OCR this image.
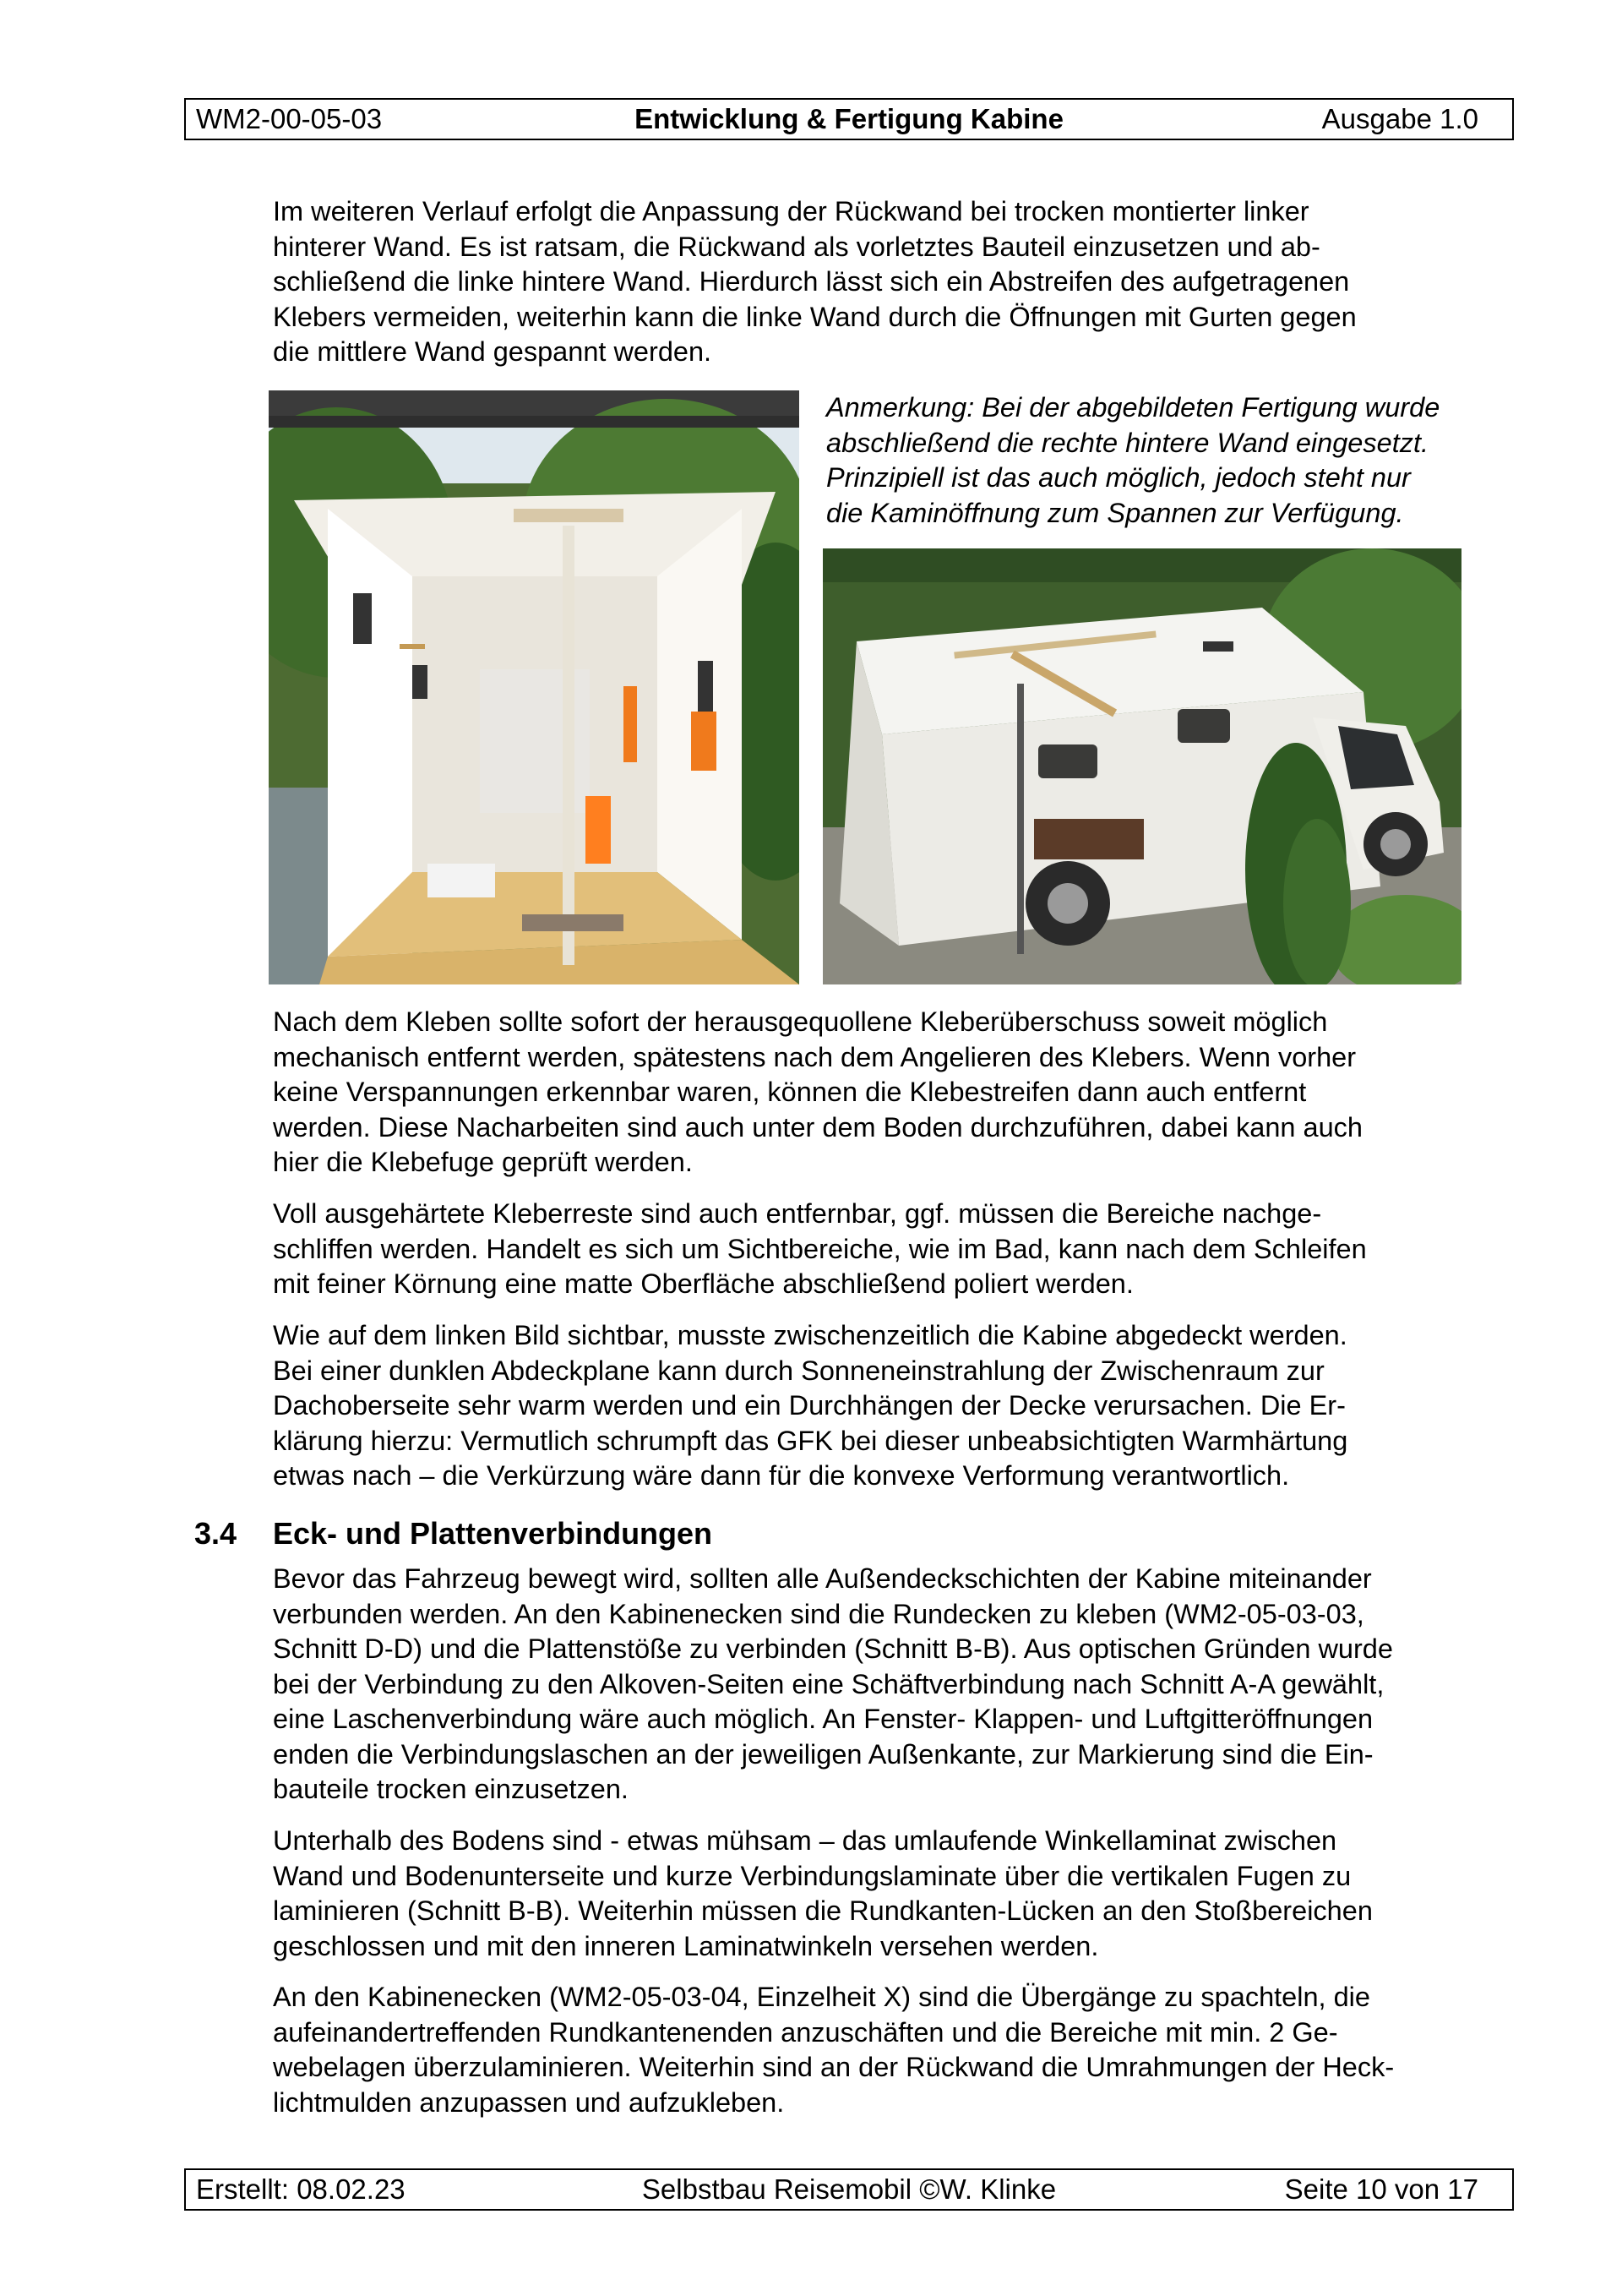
WM2-00-05-03	Entwicklung & Fertigung Kabine	Ausgabe 1.0

Im weiteren Verlauf erfolgt die Anpassung der Rückwand bei trocken montierter linker
hinterer Wand. Es ist ratsam, die Rückwand als vorletztes Bauteil einzusetzen und ab-
schließend die linke hintere Wand. Hierdurch lässt sich ein Abstreifen des aufgetragenen
Klebers vermeiden, weiterhin kann die linke Wand durch die Öffnungen mit Gurten gegen
die mittlere Wand gespannt werden.

Anmerkung: Bei der abgebildeten Fertigung wurde
abschließend die rechte hintere Wand eingesetzt.
Prinzipiell ist das auch möglich, jedoch steht nur
die Kaminöffnung zum Spannen zur Verfügung.

Nach dem Kleben sollte sofort der herausgequollene Kleberüberschuss soweit möglich
mechanisch entfernt werden, spätestens nach dem Angelieren des Klebers. Wenn vorher
keine Verspannungen erkennbar waren, können die Klebestreifen dann auch entfernt
werden. Diese Nacharbeiten sind auch unter dem Boden durchzuführen, dabei kann auch
hier die Klebefuge geprüft werden.

Voll ausgehärtete Kleberreste sind auch entfernbar, ggf. müssen die Bereiche nachge-
schliffen werden. Handelt es sich um Sichtbereiche, wie im Bad, kann nach dem Schleifen
mit feiner Körnung eine matte Oberfläche abschließend poliert werden.

Wie auf dem linken Bild sichtbar, musste zwischenzeitlich die Kabine abgedeckt werden.
Bei einer dunklen Abdeckplane kann durch Sonneneinstrahlung der Zwischenraum zur
Dachoberseite sehr warm werden und ein Durchhängen der Decke verursachen. Die Er-
klärung hierzu: Vermutlich schrumpft das GFK bei dieser unbeabsichtigten Warmhärtung
etwas nach – die Verkürzung wäre dann für die konvexe Verformung verantwortlich.

3.4 Eck- und Plattenverbindungen

Bevor das Fahrzeug bewegt wird, sollten alle Außendeckschichten der Kabine miteinander
verbunden werden. An den Kabinenecken sind die Rundecken zu kleben (WM2-05-03-03,
Schnitt D-D) und die Plattenstöße zu verbinden (Schnitt B-B). Aus optischen Gründen wurde
bei der Verbindung zu den Alkoven-Seiten eine Schäftverbindung nach Schnitt A-A gewählt,
eine Laschenverbindung wäre auch möglich. An Fenster- Klappen- und Luftgitteröffnungen
enden die Verbindungslaschen an der jeweiligen Außenkante, zur Markierung sind die Ein-
bauteile trocken einzusetzen.

Unterhalb des Bodens sind - etwas mühsam – das umlaufende Winkellaminat zwischen
Wand und Bodenunterseite und kurze Verbindungslaminate über die vertikalen Fugen zu
laminieren (Schnitt B-B). Weiterhin müssen die Rundkanten-Lücken an den Stoßbereichen
geschlossen und mit den inneren Laminatwinkeln versehen werden.

An den Kabinenecken (WM2-05-03-04, Einzelheit X) sind die Übergänge zu spachteln, die
aufeinandertreffenden Rundkantenenden anzuschäften und die Bereiche mit min. 2 Ge-
webelagen überzulaminieren. Weiterhin sind an der Rückwand die Umrahmungen der Heck-
lichtmulden anzupassen und aufzukleben.

Erstellt: 08.02.23	Selbstbau Reisemobil ©W. Klinke	Seite 10 von 17
